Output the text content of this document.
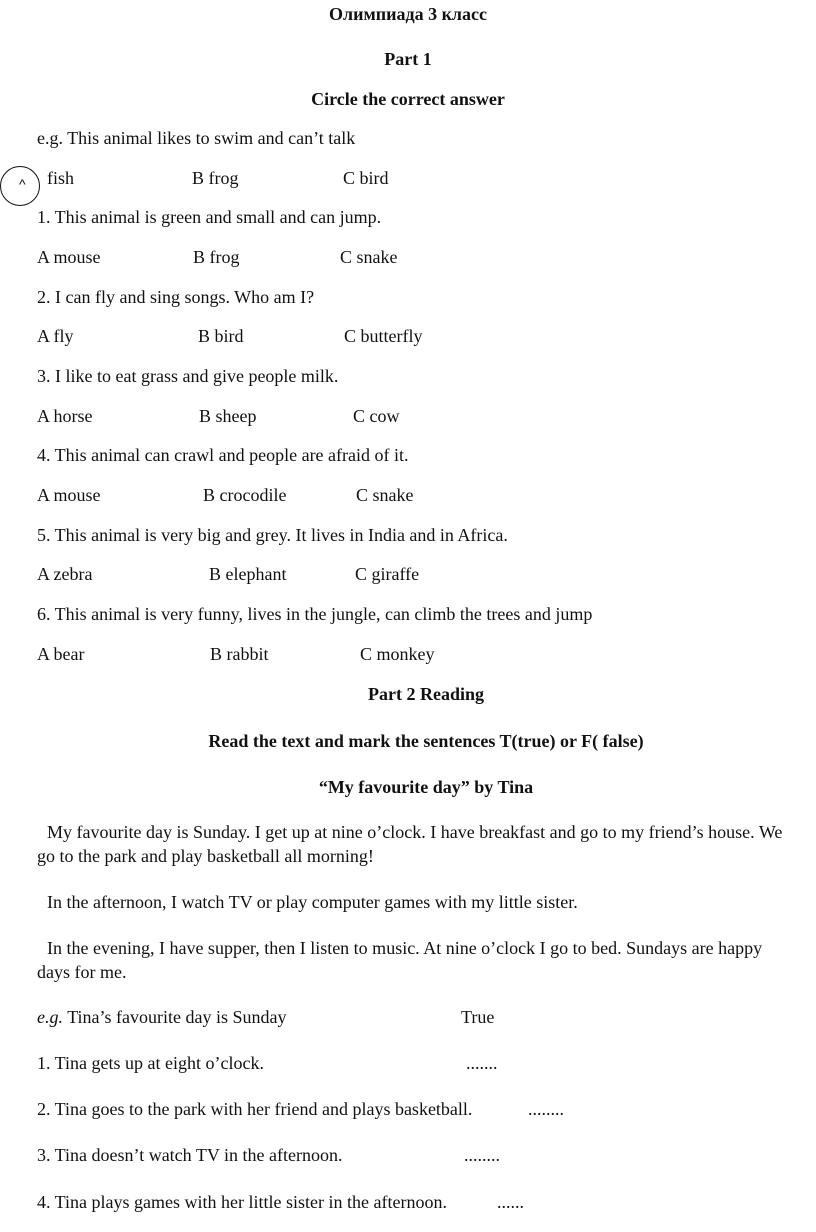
Олимпиада 3 класс
Part 1
Circle the correct answer
e.g. This animal likes to swim and can’t talk
^ fish	B frog	C bird
1. This animal is green and small and can jump.
A mouse	B frog	C snake
2. I can fly and sing songs. Who am I?
A fly	B bird	C butterfly
3. I like to eat grass and give people milk.
A horse	B sheep	C cow
4. This animal can crawl and people are afraid of it.
A mouse	B crocodile	C snake
5. This animal is very big and grey. It lives in India and in Africa.
A zebra	B elephant	C giraffe
6. This animal is very funny, lives in the jungle, can climb the trees and jump
A bear	B rabbit	C monkey
Part 2 Reading
Read the text and mark the sentences T(true) or F( false)
“My favourite day” by Tina
My favourite day is Sunday. I get up at nine o’clock. I have breakfast and go to my friend’s house. We go to the park and play basketball all morning!
In the afternoon, I watch TV or play computer games with my little sister.
In the evening, I have supper, then I listen to music. At nine o’clock I go to bed. Sundays are happy days for me.
e.g. Tina’s favourite day is Sunday	True
1. Tina gets up at eight o’clock.	.......
2. Tina goes to the park with her friend and plays basketball.	........
3. Tina doesn’t watch TV in the afternoon.	........
4. Tina plays games with her little sister in the afternoon.	......
